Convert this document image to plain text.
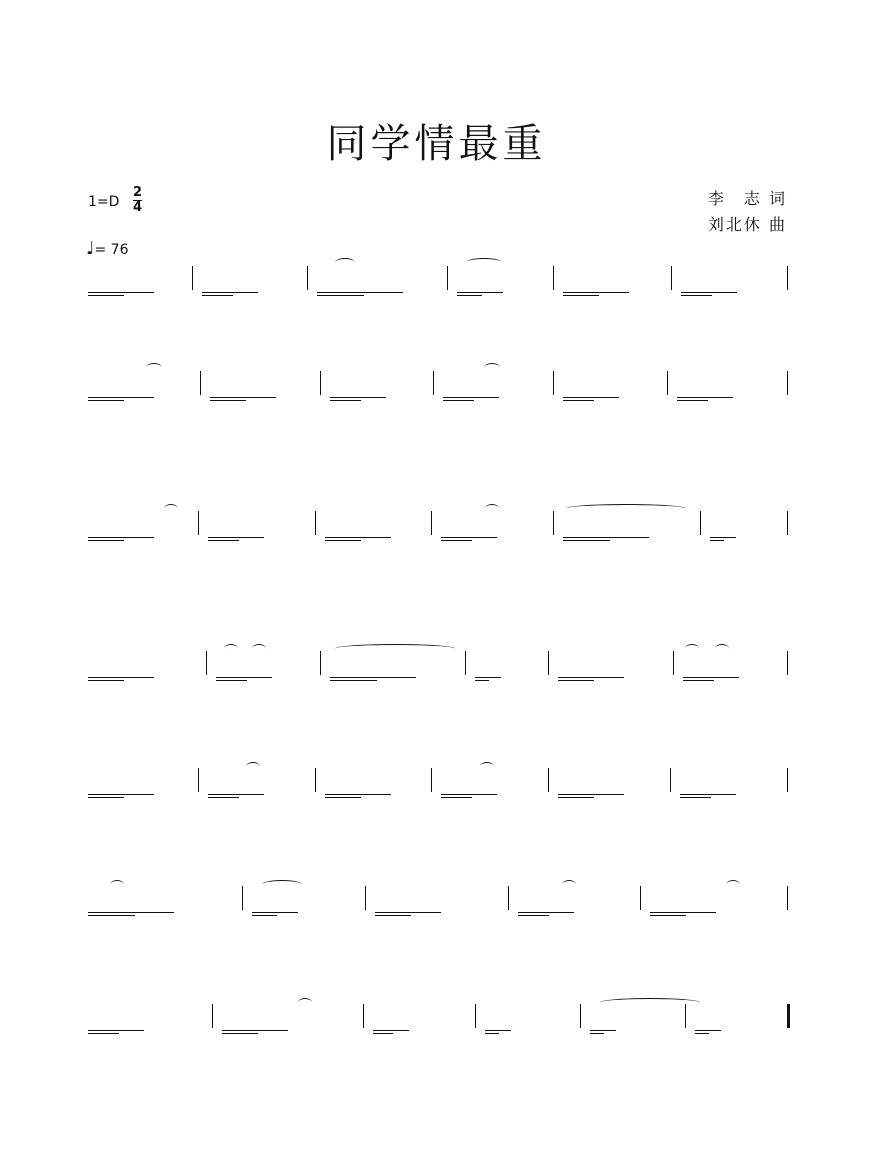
同学情最重
1=D
2
4
♩= 76
李　志 词
刘北休 曲
